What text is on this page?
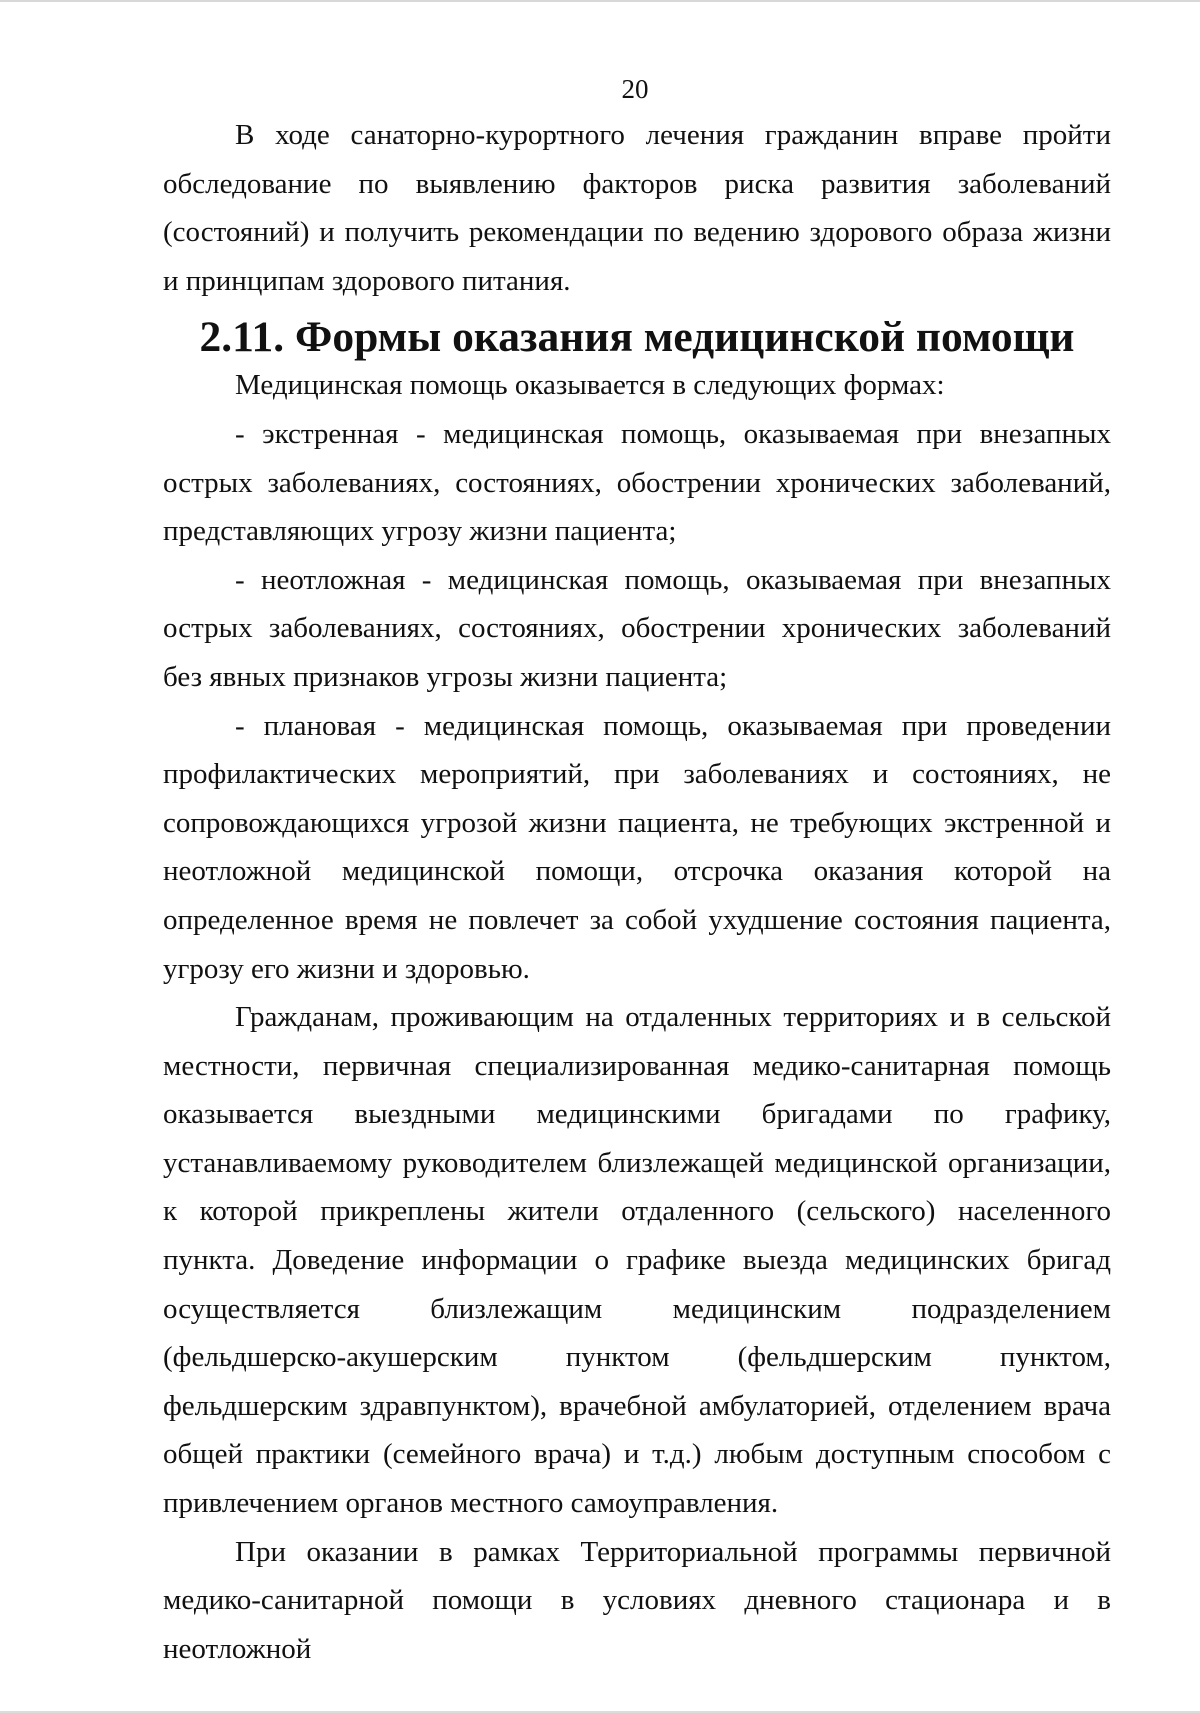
20

В ходе санаторно-курортного лечения гражданин вправе пройти обследование по выявлению факторов риска развития заболеваний (состояний) и получить рекомендации по ведению здорового образа жизни и принципам здорового питания.

2.11. Формы оказания медицинской помощи

Медицинская помощь оказывается в следующих формах:

- экстренная - медицинская помощь, оказываемая при внезапных острых заболеваниях, состояниях, обострении хронических заболеваний, представляющих угрозу жизни пациента;

- неотложная - медицинская помощь, оказываемая при внезапных острых заболеваниях, состояниях, обострении хронических заболеваний без явных признаков угрозы жизни пациента;

- плановая - медицинская помощь, оказываемая при проведении профилактических мероприятий, при заболеваниях и состояниях, не сопровождающихся угрозой жизни пациента, не требующих экстренной и неотложной медицинской помощи, отсрочка оказания которой на определенное время не повлечет за собой ухудшение состояния пациента, угрозу его жизни и здоровью.

Гражданам, проживающим на отдаленных территориях и в сельской местности, первичная специализированная медико-санитарная помощь оказывается выездными медицинскими бригадами по графику, устанавливаемому руководителем близлежащей медицинской организации, к которой прикреплены жители отдаленного (сельского) населенного пункта. Доведение информации о графике выезда медицинских бригад осуществляется близлежащим медицинским подразделением (фельдшерско-акушерским пунктом (фельдшерским пунктом, фельдшерским здравпунктом), врачебной амбулаторией, отделением врача общей практики (семейного врача) и т.д.) любым доступным способом с привлечением органов местного самоуправления.

При оказании в рамках Территориальной программы первичной медико-санитарной помощи в условиях дневного стационара и в неотложной
